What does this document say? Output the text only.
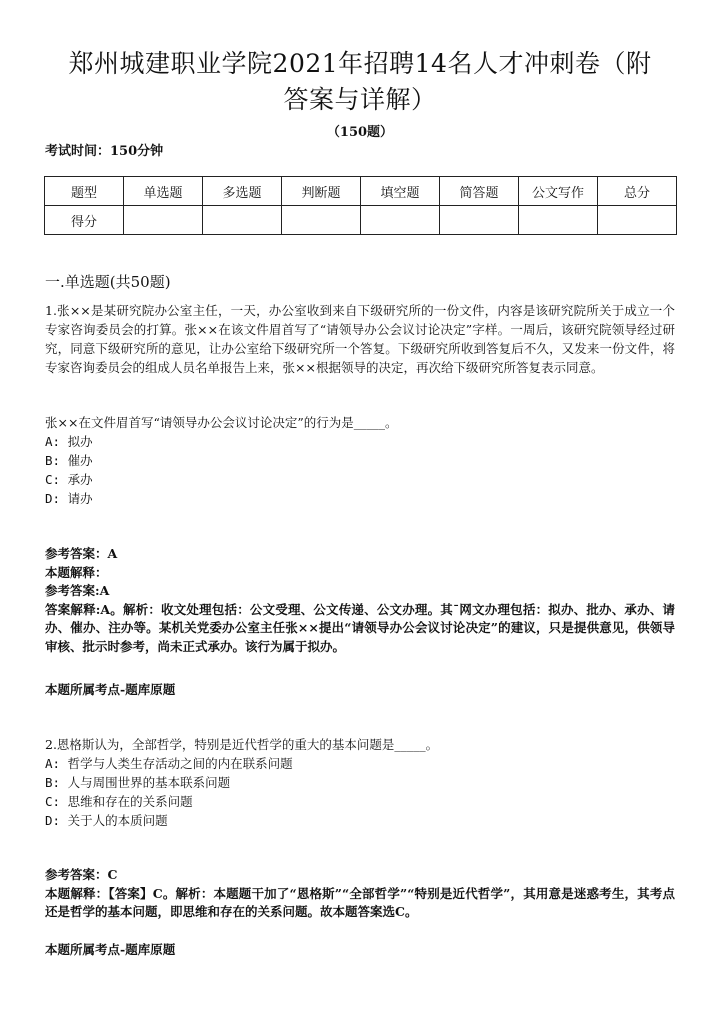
郑州城建职业学院2021年招聘14名人才冲刺卷（附
答案与详解）
（150题）
考试时间：150分钟
题型	单选题	多选题	判断题	填空题	简答题	公文写作	总分
得分							
一.单选题(共50题)

1.张××是某研究院办公室主任，一天，办公室收到来自下级研究所的一份文件，内容是该研究院所关于成立一个专家咨询委员会的打算。张××在该文件眉首写了“请领导办公会议讨论决定”字样。一周后，该研究院领导经过研究，同意下级研究所的意见，让办公室给下级研究所一个答复。下级研究所收到答复后不久，又发来一份文件，将专家咨询委员会的组成人员名单报告上来，张××根据领导的决定，再次给下级研究所答复表示同意。

张××在文件眉首写“请领导办公会议讨论决定”的行为是_____。

A: 拟办

B: 催办

C: 承办

D: 请办

参考答案：A

本题解释：

参考答案:A

答案解释:A。解析：收文处理包括：公文受理、公文传递、公文办理。其¯网文办理包括：拟办、批办、承办、请办、催办、注办等。某机关党委办公室主任张××提出“请领导办公会议讨论决定”的建议，只是提供意见，供领导审核、批示时参考，尚未正式承办。该行为属于拟办。

本题所属考点-题库原题

2.恩格斯认为，全部哲学，特别是近代哲学的重大的基本问题是_____。

A: 哲学与人类生存活动之间的内在联系问题

B: 人与周围世界的基本联系问题

C: 思维和存在的关系问题

D: 关于人的本质问题

参考答案：C

本题解释：【答案】C。解析：本题题干加了“恩格斯”“全部哲学”“特别是近代哲学”，其用意是迷惑考生，其考点还是哲学的基本问题，即思维和存在的关系问题。故本题答案选C。

本题所属考点-题库原题
